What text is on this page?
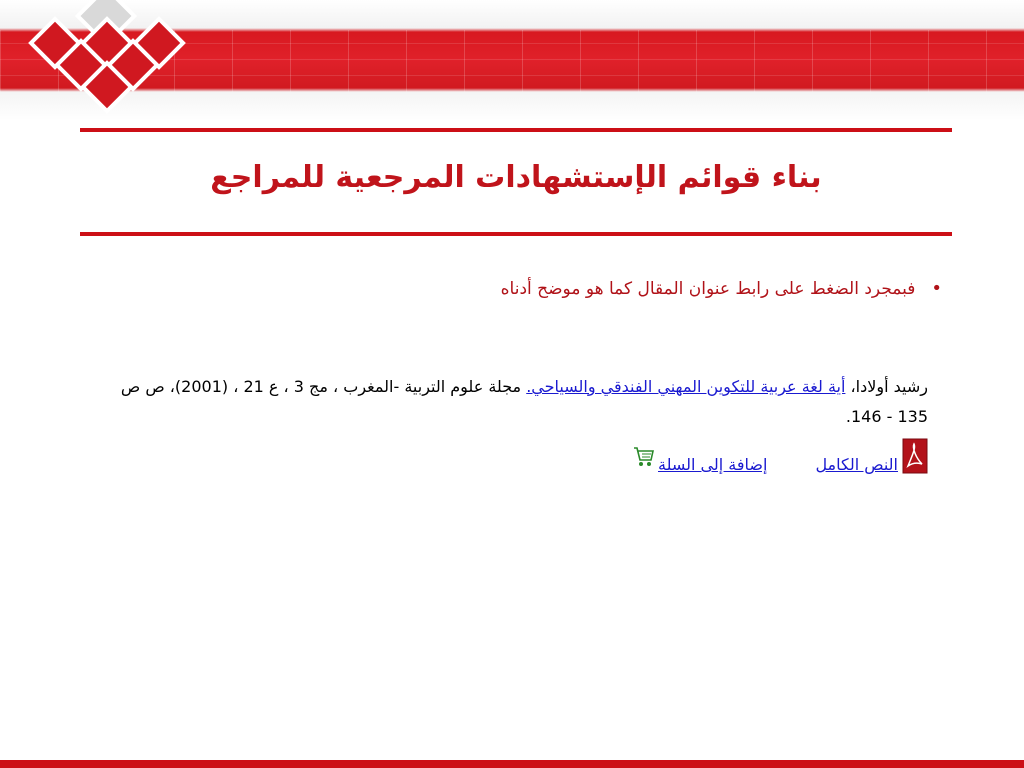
بناء قوائم الإستشهادات المرجعية للمراجع
•
فبمجرد الضغط على رابط عنوان المقال كما هو موضح أدناه
رشيد أولادا، أية لغة عربية للتكوين المهني الفندقي والسياحي. مجلة علوم التربية -المغرب ، مج 3 ، ع 21 ، (2001)، ص ص 135 - 146.
النص الكامل
إضافة إلى السلة
